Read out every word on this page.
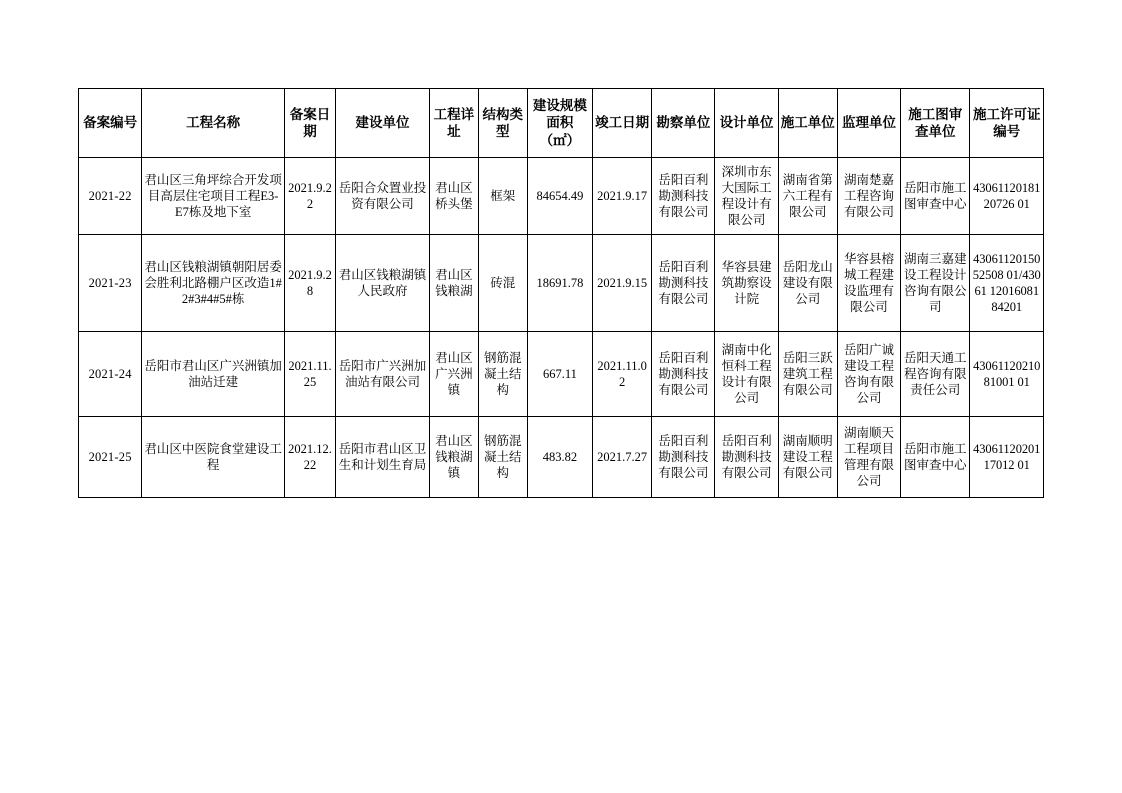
备案编号	工程名称	备案日期	建设单位	工程详址	结构类型	建设规模面积（㎡）	竣工日期	勘察单位	设计单位	施工单位	监理单位	施工图审查单位	施工许可证编号
2021-22	君山区三角坪综合开发项目高层住宅项目工程E3-E7栋及地下室	2021.9.22	岳阳合众置业投资有限公司	君山区桥头堡	框架	84654.49	2021.9.17	岳阳百利勘测科技有限公司	深圳市东大国际工程设计有限公司	湖南省第六工程有限公司	湖南楚嘉工程咨询有限公司	岳阳市施工图审查中心	4306112018120726 01
2021-23	君山区钱粮湖镇朝阳居委会胜利北路棚户区改造1#2#3#4#5#栋	2021.9.28	君山区钱粮湖镇人民政府	君山区钱粮湖	砖混	18691.78	2021.9.15	岳阳百利勘测科技有限公司	华容县建筑勘察设计院	岳阳龙山建设有限公司	华容县榕城工程建设监理有限公司	湖南三嘉建设工程设计咨询有限公司	4306112015052508 01/43061 12016081 84201
2021-24	岳阳市君山区广兴洲镇加油站迁建	2021.11.25	岳阳市广兴洲加油站有限公司	君山区广兴洲镇	钢筋混凝土结构	667.11	2021.11.02	岳阳百利勘测科技有限公司	湖南中化恒科工程设计有限公司	岳阳三跃建筑工程有限公司	岳阳广诚建设工程咨询有限公司	岳阳天通工程咨询有限责任公司	4306112021081001 01
2021-25	君山区中医院食堂建设工程	2021.12.22	岳阳市君山区卫生和计划生育局	君山区钱粮湖镇	钢筋混凝土结构	483.82	2021.7.27	岳阳百利勘测科技有限公司	岳阳百利勘测科技有限公司	湖南顺明建设工程有限公司	湖南顺天工程项目管理有限公司	岳阳市施工图审查中心	4306112020117012 01
